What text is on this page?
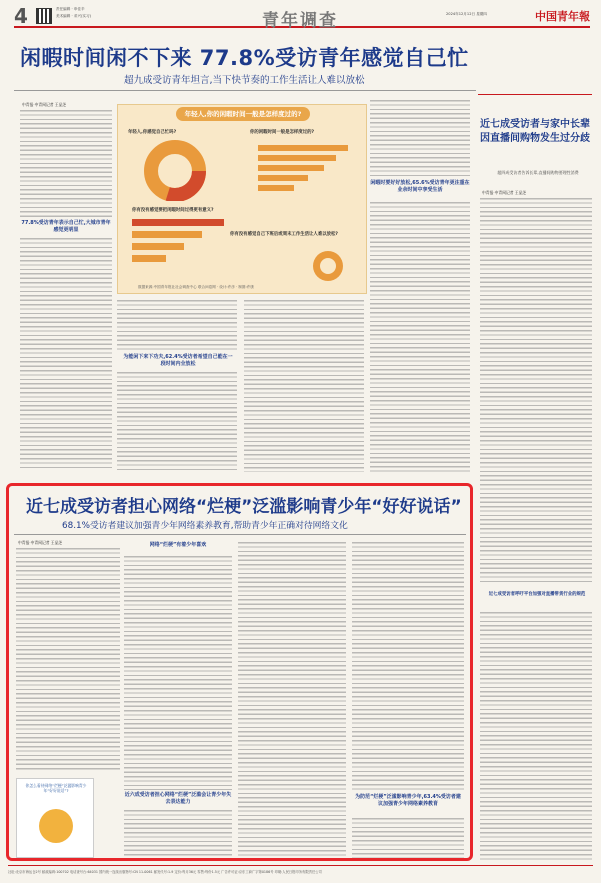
4	责任编辑 · 申佳辛
美术编辑 · 邓兴(实习)	青年调查	2024年12月12日 星期四	中国青年報
闲暇时间闲不下来 77.8%受访青年感觉自己忙
超九成受访青年坦言,当下快节奏的工作生活让人难以放松
中青报·中青网记者 王品芝
77.8%受访青年表示自己忙,大城市青年感觉更明显
年轻人,你的闲暇时间一般是怎样度过的?
年轻人,你感觉自己忙吗?	你的闲暇时间一般是怎样度过的?
你有没有感觉要把闲暇时间过得更有意义?
你有没有感觉自己下班后或周末工作生活让人难以放松?
数据来源:中国青年报社社会调查中心 联合问卷网 · 设计:许彦 · 制图:许康
为能闲下来下功夫,62.4%受访者希望自己能在一段时间内全放松
闲暇时要好好放松,65.6%受访青年更注重在业余时间中享受生活
近七成受访者与家中长辈因直播间购物发生过分歧
超四成受访者告诉长辈,直播间购物要理性消费
中青报·中青网记者 王品芝
近七成受访者呼吁平台加强对直播带货行业的规范
近七成受访者担心网络“烂梗”泛滥影响青少年“好好说话”
68.1%受访者建议加强青少年网络素养教育,帮助青少年正确对待网络文化
中青报·中青网记者 王品芝
你怎么看待网络“烂梗”泛滥影响青少年“好好说话”?
网络“烂梗”有着少年喜欢
近六成受访者担心网络“烂梗”泛滥会让青少年失去表达能力
为防范“烂梗”泛滥影响青少年,63.4%受访者建议加强青少年网络素养教育
社址:北京市海运仓2号 邮政编码:100702 电话查号台:64031 国内统一连续出版物号:CN 11-0061 邮发代号:1-9 定价:每月36元 零售:每份1.5元 广告许可证:京东工商广字第0186号 印刷:人民日报印务有限责任公司
